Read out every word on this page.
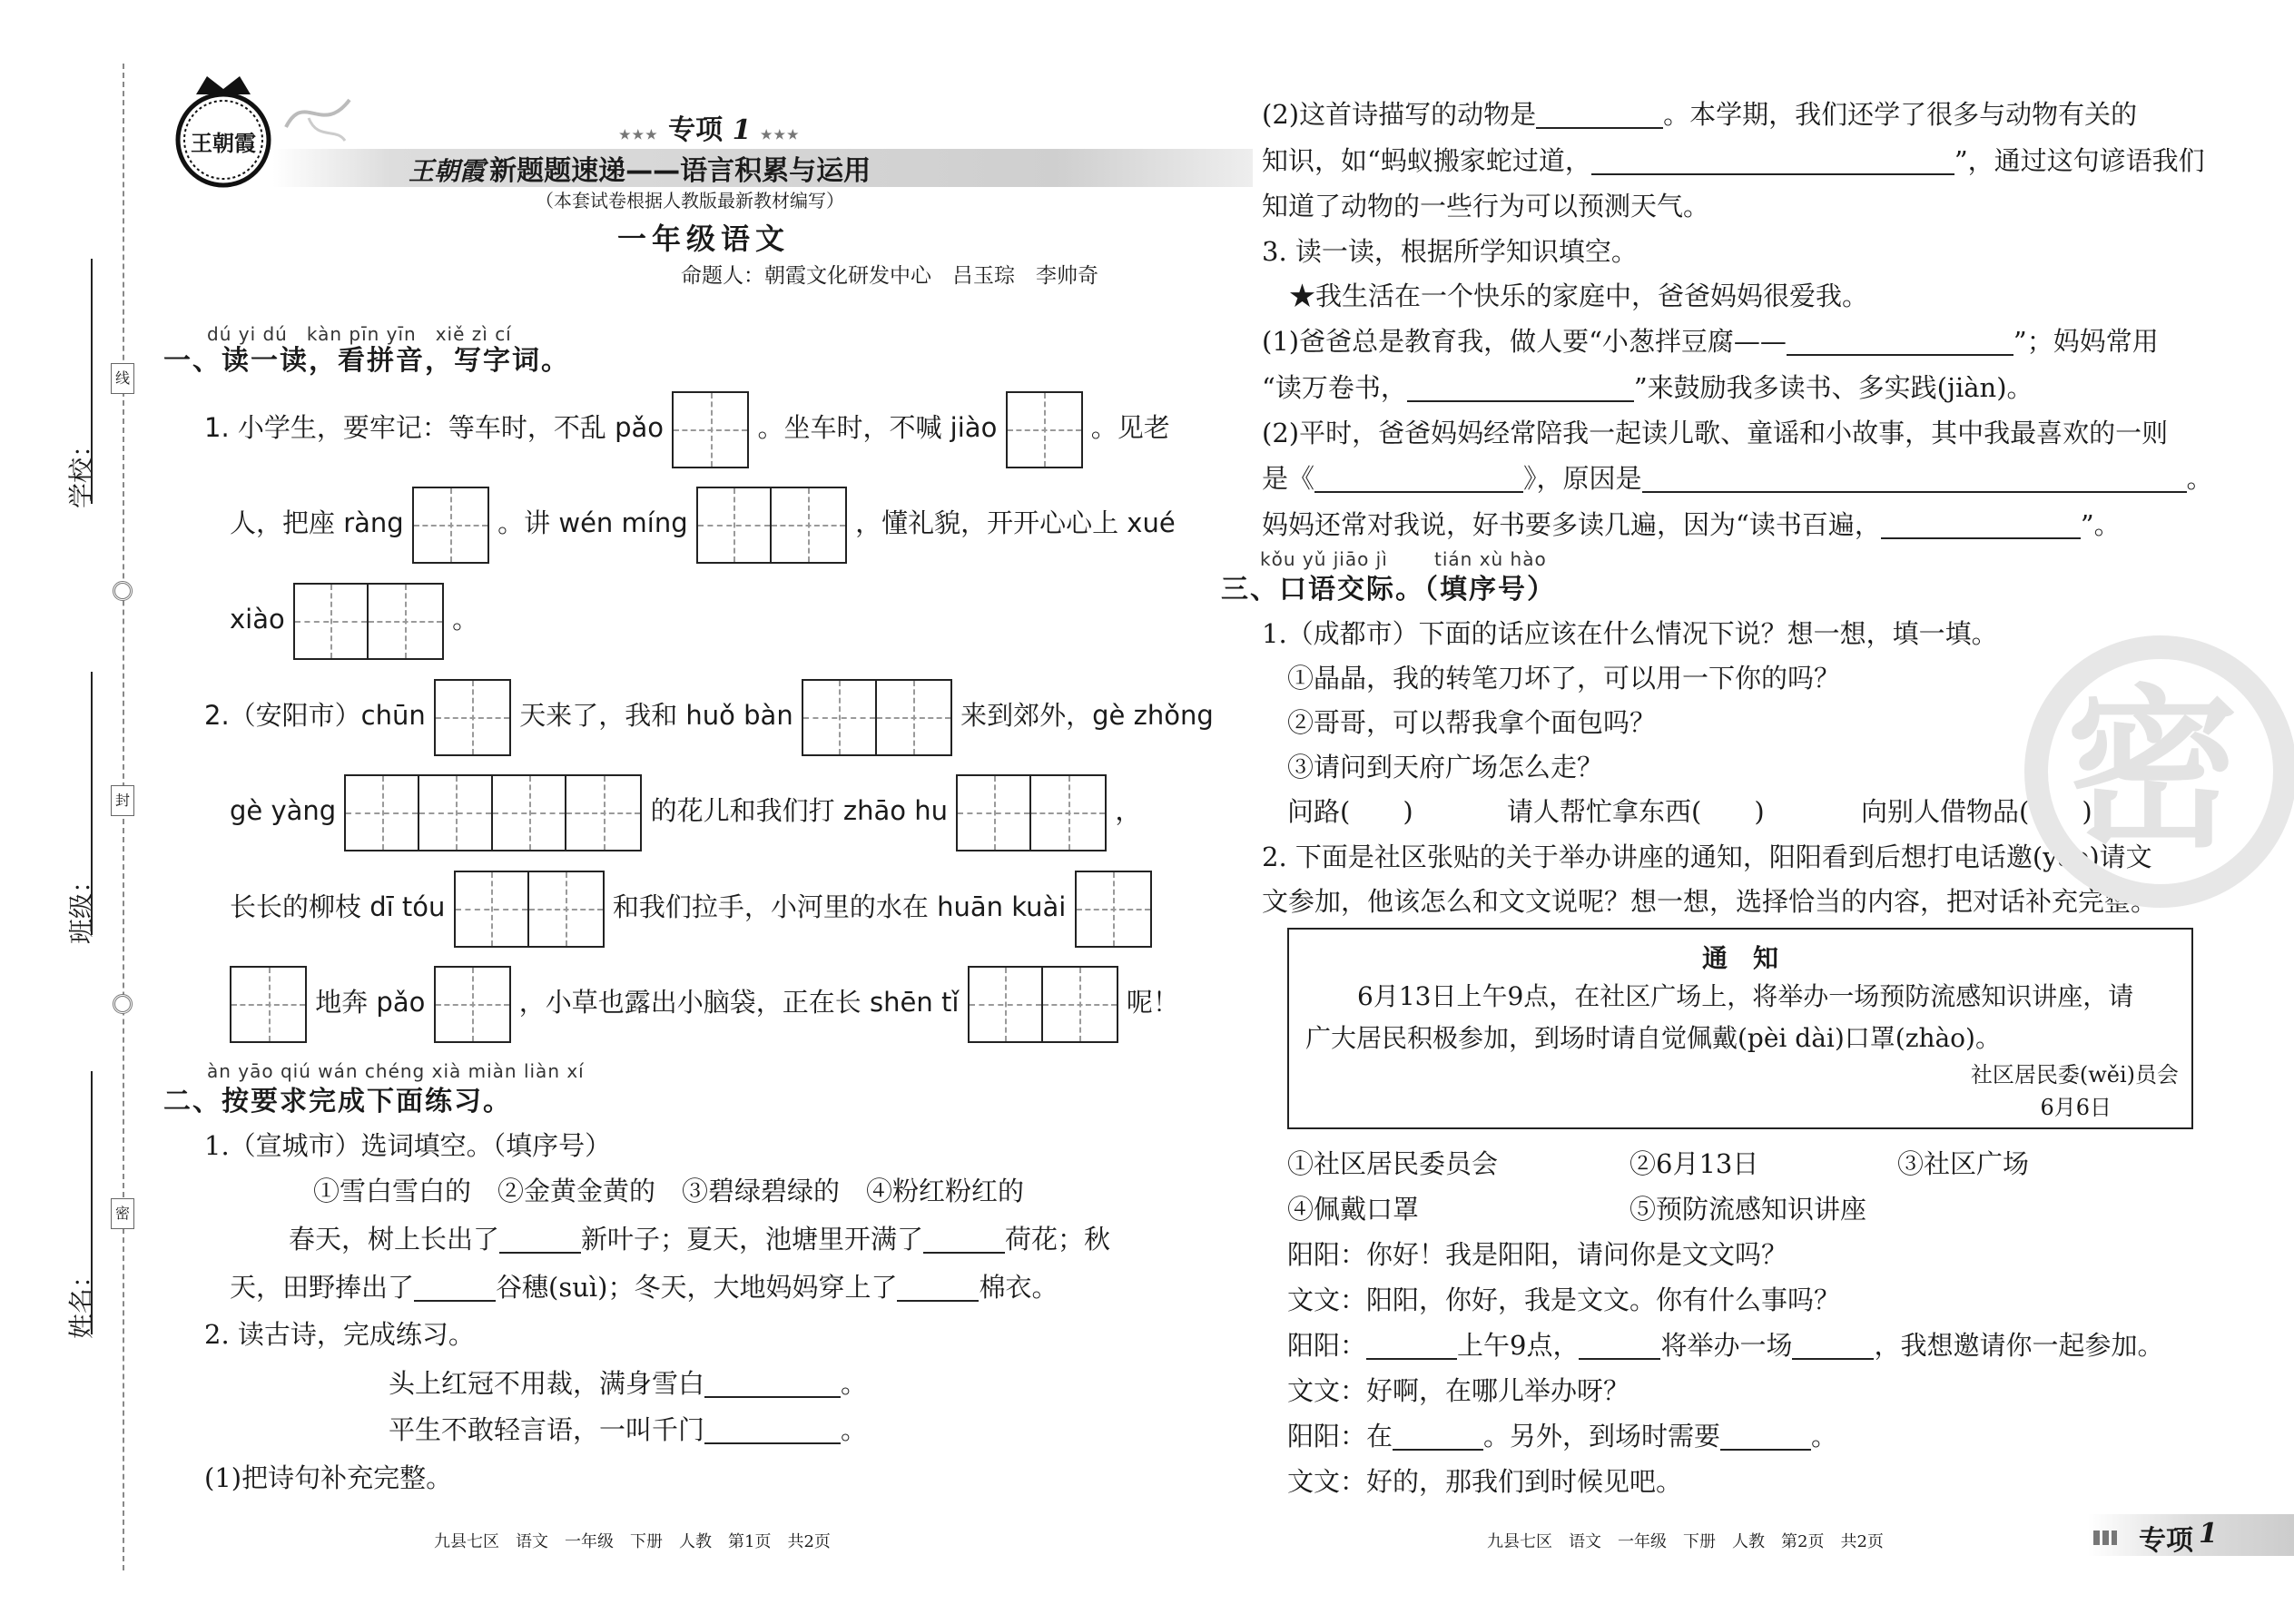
学校：
班级：
姓名：
线
封
密
王朝霞	★★★ 专项 1 ★★★
王朝霞 新题题速递——语言积累与运用
（本套试卷根据人教版最新教材编写）
一年级语文
命题人：朝霞文化研发中心　吕玉琮　李帅奇
dú yi dú　kàn pīn yīn　xiě zì cí
一、读一读，看拼音，写字词。
1. 小学生，要牢记：等车时，不乱 pǎo	。坐车时，不喊 jiào	。见老
人，把座 ràng	。讲 wén míng	，懂礼貌，开开心心上 xué
xiào	。
2.（安阳市）chūn	天来了，我和 huǒ bàn	来到郊外，gè zhǒng
gè yàng	的花儿和我们打 zhāo hu	，
长长的柳枝 dī tóu	和我们拉手，小河里的水在 huān kuài
地奔 pǎo	，小草也露出小脑袋，正在长 shēn tǐ	呢！
àn yāo qiú wán chéng xià miàn liàn xí
二、按要求完成下面练习。
1.（宣城市）选词填空。（填序号）
①雪白雪白的　②金黄金黄的　③碧绿碧绿的　④粉红粉红的
春天，树上长出了	新叶子；夏天，池塘里开满了	荷花；秋
天，田野捧出了	谷穗(suì)；冬天，大地妈妈穿上了	棉衣。
2. 读古诗，完成练习。
头上红冠不用裁，满身雪白	。
平生不敢轻言语，一叫千门	。
(1)把诗句补充完整。
(2)这首诗描写的动物是	。本学期，我们还学了很多与动物有关的
知识，如“蚂蚁搬家蛇过道，	”，通过这句谚语我们
知道了动物的一些行为可以预测天气。
3. 读一读，根据所学知识填空。
★我生活在一个快乐的家庭中，爸爸妈妈很爱我。
(1)爸爸总是教育我，做人要“小葱拌豆腐——	”；妈妈常用
“读万卷书，	”来鼓励我多读书、多实践(jiàn)。
(2)平时，爸爸妈妈经常陪我一起读儿歌、童谣和小故事，其中我最喜欢的一则
是《	》，原因是	。
妈妈还常对我说，好书要多读几遍，因为“读书百遍，	”。
kǒu yǔ jiāo jì	tián xù hào
三、口语交际。（填序号）
1.（成都市）下面的话应该在什么情况下说？想一想，填一填。
①晶晶，我的转笔刀坏了，可以用一下你的吗？
②哥哥，可以帮我拿个面包吗？
③请问到天府广场怎么走？
问路(　　)	请人帮忙拿东西(　　)	向别人借物品(　　)
2. 下面是社区张贴的关于举办讲座的通知，阳阳看到后想打电话邀(yāo)请文
文参加，他该怎么和文文说呢？想一想，选择恰当的内容，把对话补充完整。
通　知
6月13日上午9点，在社区广场上，将举办一场预防流感知识讲座，请
广大居民积极参加，到场时请自觉佩戴(pèi dài)口罩(zhào)。
社区居民委(wěi)员会
6月6日
①社区居民委员会	②6月13日	③社区广场
④佩戴口罩	⑤预防流感知识讲座
阳阳：你好！我是阳阳，请问你是文文吗？
文文：阳阳，你好，我是文文。你有什么事吗？
阳阳：	上午9点，	将举办一场	，我想邀请你一起参加。
文文：好啊，在哪儿举办呀？
阳阳：在	。另外，到场时需要	。
文文：好的，那我们到时候见吧。
密
九县七区　语文　一年级　下册　人教　第1页　共2页	九县七区　语文　一年级　下册　人教　第2页　共2页	专项 1
